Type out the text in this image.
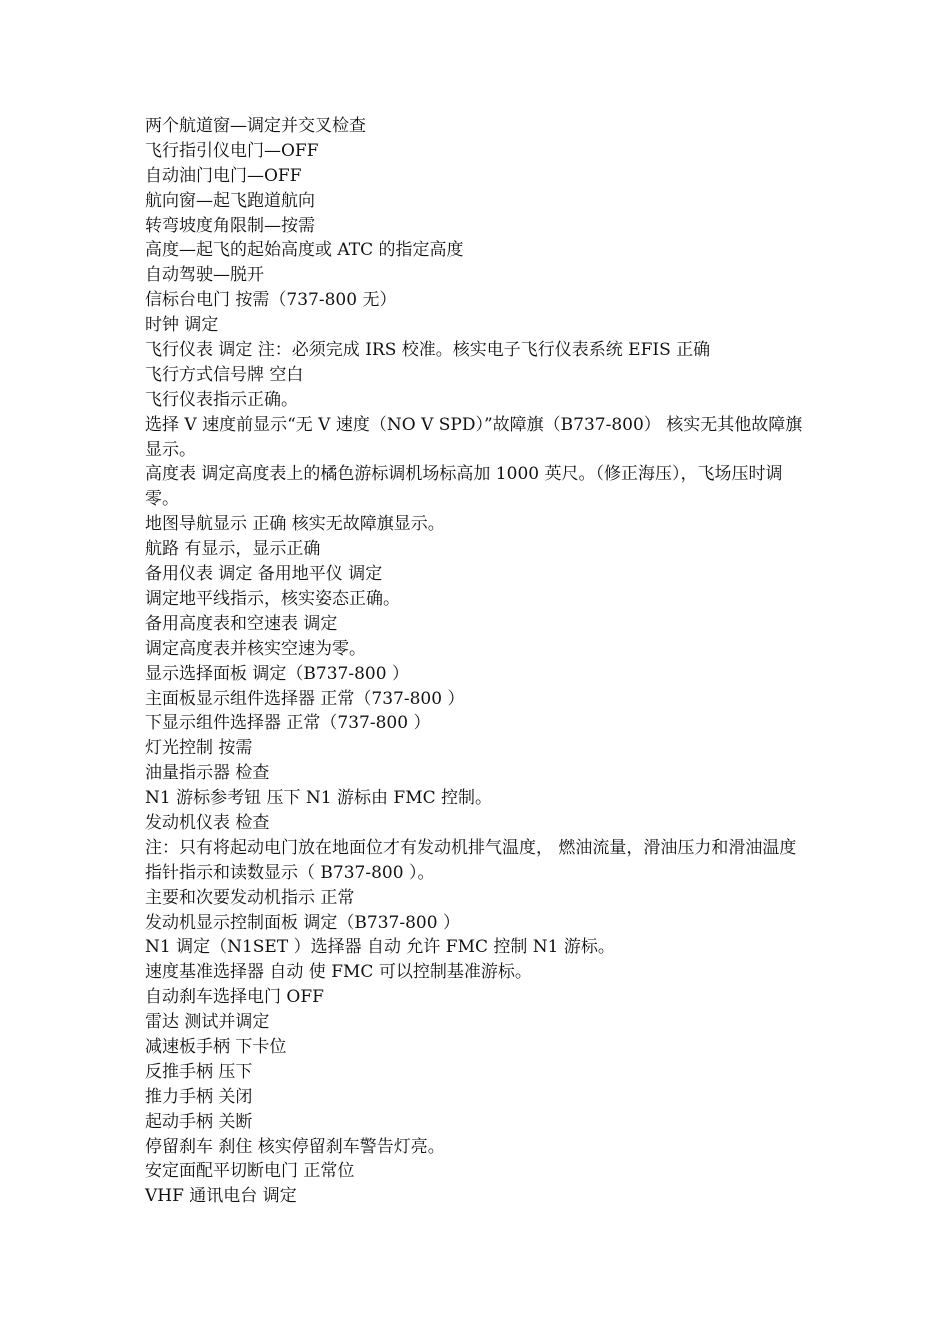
两个航道窗—调定并交叉检查

飞行指引仪电门—OFF

自动油门电门—OFF

航向窗—起飞跑道航向

转弯坡度角限制—按需

高度—起飞的起始高度或 ATC 的指定高度

自动驾驶—脱开

信标台电门 按需（737-800 无）

时钟 调定

飞行仪表 调定 注：必须完成 IRS 校准。核实电子飞行仪表系统 EFIS 正确

飞行方式信号牌 空白

飞行仪表指示正确。

选择 V 速度前显示“无 V 速度（NO V SPD）”故障旗（B737-800） 核实无其他故障旗显示。

高度表 调定高度表上的橘色游标调机场标高加 1000 英尺。（修正海压），飞场压时调零。

地图导航显示 正确 核实无故障旗显示。

航路 有显示，显示正确

备用仪表 调定 备用地平仪 调定

调定地平线指示，核实姿态正确。

备用高度表和空速表 调定

调定高度表并核实空速为零。

显示选择面板 调定（B737-800 ）

主面板显示组件选择器 正常（737-800 ）

下显示组件选择器 正常（737-800 ）

灯光控制 按需

油量指示器 检查

N1 游标参考钮 压下 N1 游标由 FMC 控制。

发动机仪表 检查

注：只有将起动电门放在地面位才有发动机排气温度， 燃油流量，滑油压力和滑油温度指针指示和读数显示（ B737-800 ）。

主要和次要发动机指示 正常

发动机显示控制面板 调定（B737-800 ）

N1 调定（N1SET ）选择器 自动 允许 FMC 控制 N1 游标。

速度基准选择器 自动 使 FMC 可以控制基准游标。

自动刹车选择电门 OFF

雷达 测试并调定

减速板手柄 下卡位

反推手柄 压下

推力手柄 关闭

起动手柄 关断

停留刹车 刹住 核实停留刹车警告灯亮。

安定面配平切断电门 正常位

VHF 通讯电台 调定
